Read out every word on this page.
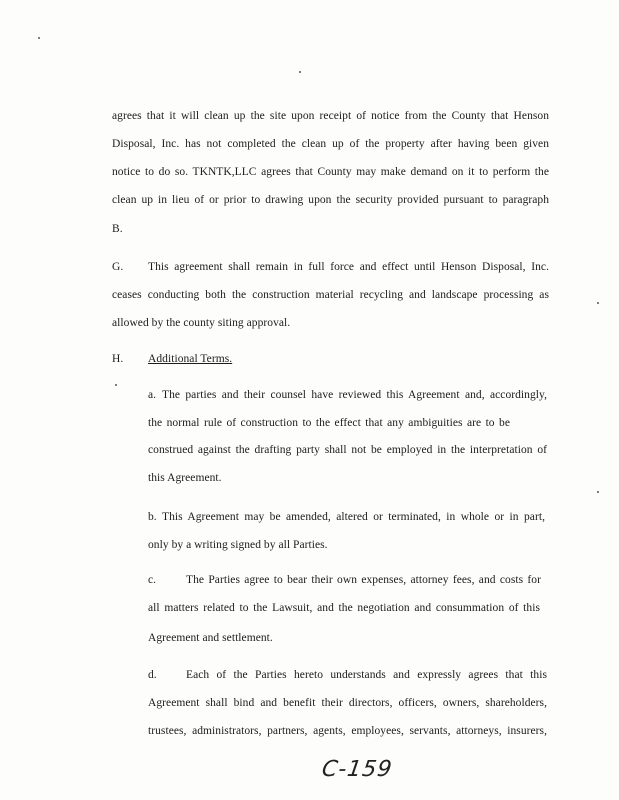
agrees that it will clean up the site upon receipt of notice from the County that Henson
Disposal, Inc. has not completed the clean up of the property after having been given
notice to do so. TKNTK,LLC agrees that County may make demand on it to perform the
clean up in lieu of or prior to drawing upon the security provided pursuant to paragraph
B.
G. This agreement shall remain in full force and effect until Henson Disposal, Inc.
ceases conducting both the construction material recycling and landscape processing as
allowed by the county siting approval.
H. Additional Terms.
a. The parties and their counsel have reviewed this Agreement and, accordingly,
the normal rule of construction to the effect that any ambiguities are to be
construed against the drafting party shall not be employed in the interpretation of
this Agreement.
b. This Agreement may be amended, altered or terminated, in whole or in part,
only by a writing signed by all Parties.
c.	The Parties agree to bear their own expenses, attorney fees, and costs for
all matters related to the Lawsuit, and the negotiation and consummation of this
Agreement and settlement.
d.	Each of the Parties hereto understands and expressly agrees that this
Agreement shall bind and benefit their directors, officers, owners, shareholders,
trustees, administrators, partners, agents, employees, servants, attorneys, insurers,
C-159
